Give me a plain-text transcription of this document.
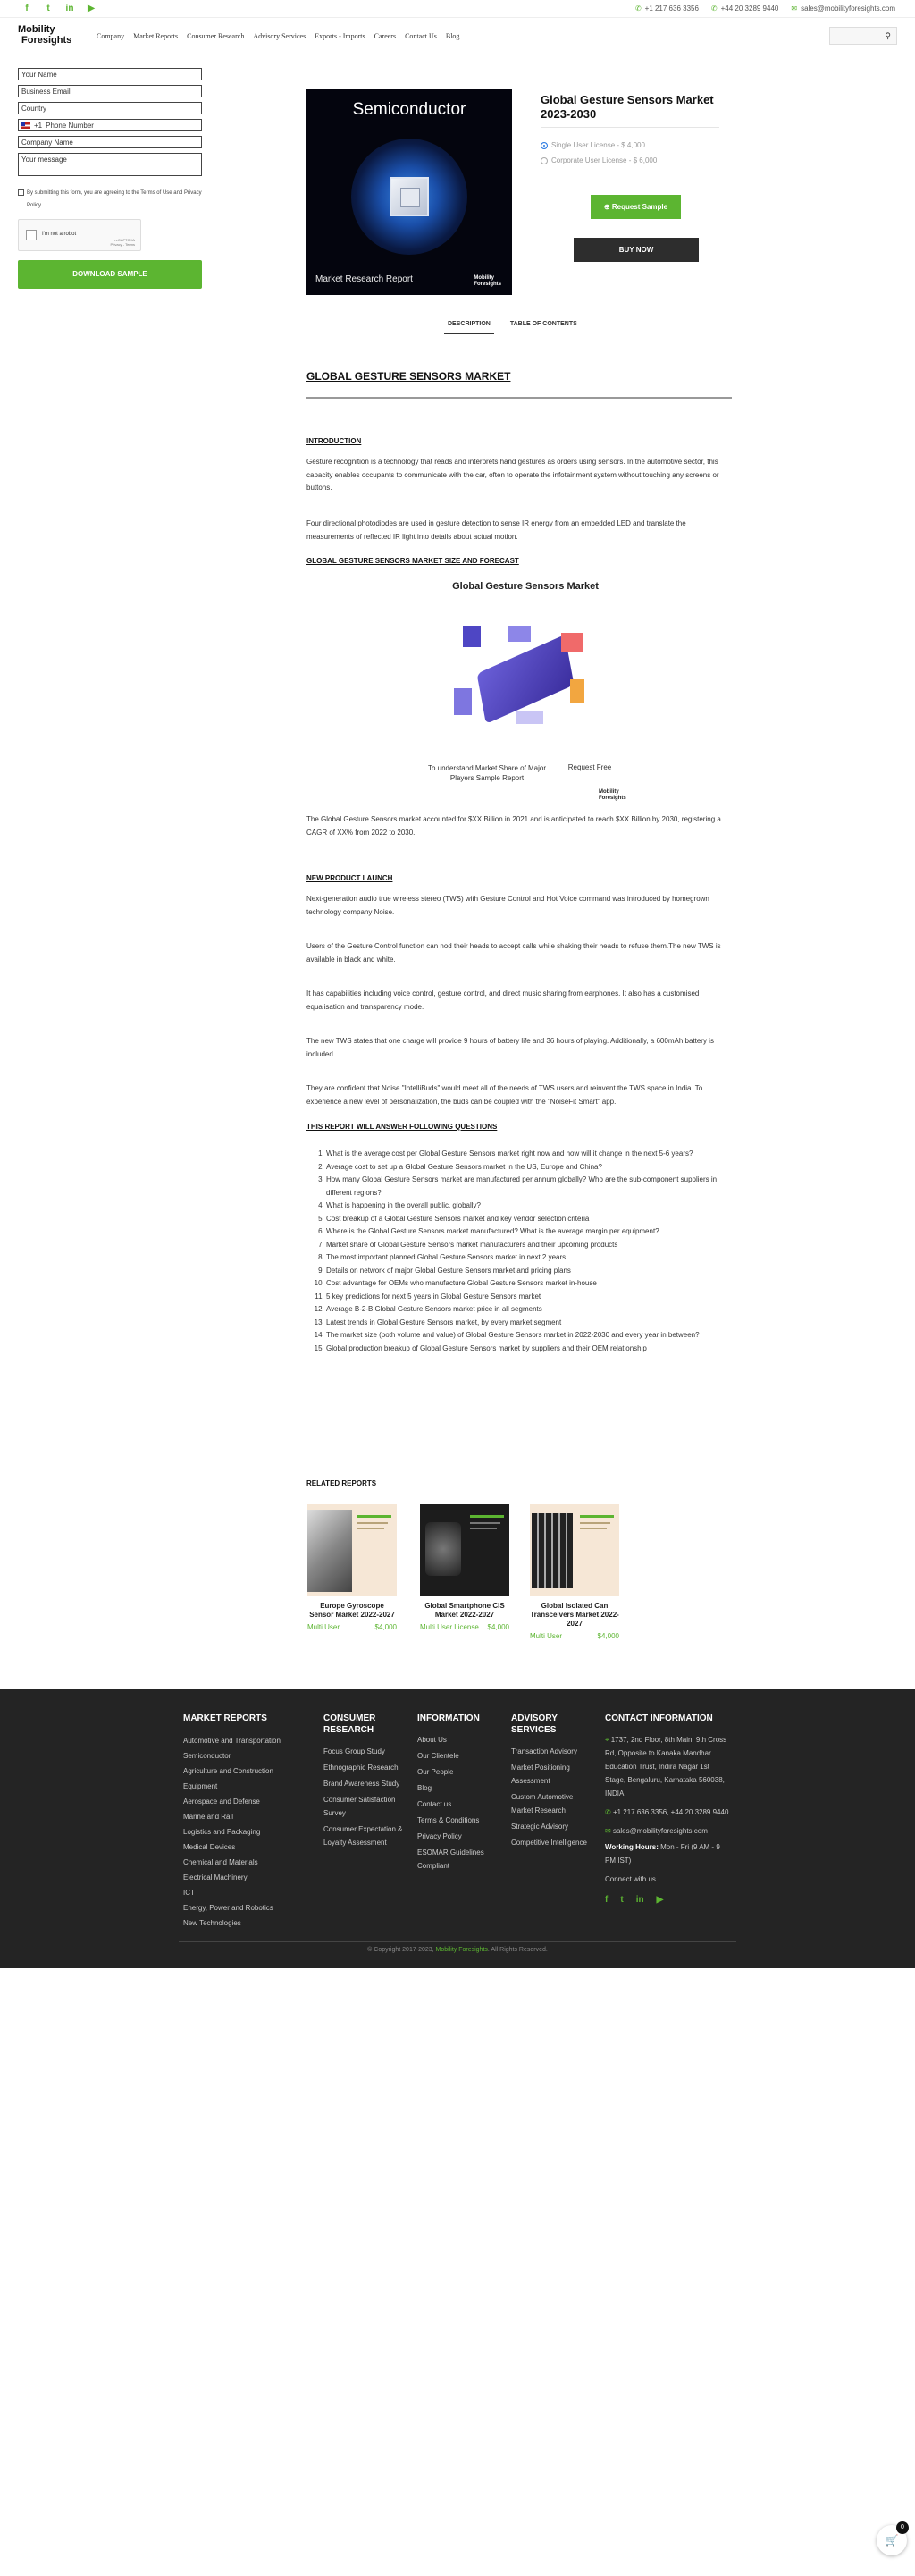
f	t	in ▶	✆ +1 217 636 3356 ✆ +44 20 3289 9440 ✉ sales@mobilityforesights.com
Mobility
Foresights	Company Market Reports Consumer Research Advisory Services Exports - Imports Careers Contact Us Blog	⚲
Your Name
Business Email
Country
+1 Phone Number
Company Name
Your message
By submitting this form, you are agreeing to the Terms of Use and Privacy Policy
I'm not a robot
reCAPTCHA
Privacy - Terms
DOWNLOAD SAMPLE
Semiconductor
Market Research Report	Mobility
Foresights
Global Gesture Sensors Market 2023-2030
Single User License - $ 4,000
Corporate User License - $ 6,000
⊕ Request Sample
BUY NOW
DESCRIPTION	TABLE OF CONTENTS
GLOBAL GESTURE SENSORS MARKET
INTRODUCTION
Gesture recognition is a technology that reads and interprets hand gestures as orders using sensors. In the automotive sector, this capacity enables occupants to communicate with the car, often to operate the infotainment system without touching any screens or buttons.
Four directional photodiodes are used in gesture detection to sense IR energy from an embedded LED and translate the measurements of reflected IR light into details about actual motion.
GLOBAL GESTURE SENSORS MARKET SIZE AND FORECAST
Global Gesture Sensors Market
To understand Market Share of Major Players Sample Report
Request Free
Mobility
Foresights
The Global Gesture Sensors market accounted for $XX Billion in 2021 and is anticipated to reach $XX Billion by 2030, registering a CAGR of XX% from 2022 to 2030.
NEW PRODUCT LAUNCH
Next-generation audio true wireless stereo (TWS) with Gesture Control and Hot Voice command was introduced by homegrown technology company Noise.
Users of the Gesture Control function can nod their heads to accept calls while shaking their heads to refuse them.The new TWS is available in black and white.
It has capabilities including voice control, gesture control, and direct music sharing from earphones. It also has a customised equalisation and transparency mode.
The new TWS states that one charge will provide 9 hours of battery life and 36 hours of playing. Additionally, a 600mAh battery is included.
They are confident that Noise "IntelliBuds" would meet all of the needs of TWS users and reinvent the TWS space in India. To experience a new level of personalization, the buds can be coupled with the "NoiseFit Smart" app.
THIS REPORT WILL ANSWER FOLLOWING QUESTIONS
1. What is the average cost per Global Gesture Sensors market right now and how will it change in the next 5-6 years?
2. Average cost to set up a Global Gesture Sensors market in the US, Europe and China?
3. How many Global Gesture Sensors market are manufactured per annum globally? Who are the sub-component suppliers in different regions?
4. What is happening in the overall public, globally?
5. Cost breakup of a Global Gesture Sensors market and key vendor selection criteria
6. Where is the Global Gesture Sensors market manufactured? What is the average margin per equipment?
7. Market share of Global Gesture Sensors market manufacturers and their upcoming products
8. The most important planned Global Gesture Sensors market in next 2 years
9. Details on network of major Global Gesture Sensors market and pricing plans
10. Cost advantage for OEMs who manufacture Global Gesture Sensors market in-house
11. 5 key predictions for next 5 years in Global Gesture Sensors market
12. Average B-2-B Global Gesture Sensors market price in all segments
13. Latest trends in Global Gesture Sensors market, by every market segment
14. The market size (both volume and value) of Global Gesture Sensors market in 2022-2030 and every year in between?
15. Global production breakup of Global Gesture Sensors market by suppliers and their OEM relationship
RELATED REPORTS
Europe Gyroscope Sensor Market 2022-2027
Multi User	$4,000
Global Smartphone CIS Market 2022-2027
Multi User License $4,000
Global Isolated Can Transceivers Market 2022-2027
Multi User	$4,000
MARKET REPORTS
Automotive and Transportation
Semiconductor
Agriculture and Construction Equipment
Aerospace and Defense
Marine and Rail
Logistics and Packaging
Medical Devices
Chemical and Materials
Electrical Machinery
ICT
Energy, Power and Robotics
New Technologies
CONSUMER RESEARCH
Focus Group Study
Ethnographic Research
Brand Awareness Study
Consumer Satisfaction Survey
Consumer Expectation & Loyalty Assessment
INFORMATION
About Us
Our Clientele
Our People
Blog
Contact us
Terms & Conditions
Privacy Policy
ESOMAR Guidelines Compliant
ADVISORY SERVICES
Transaction Advisory
Market Positioning Assessment
Custom Automotive Market Research
Strategic Advisory
Competitive Intelligence
CONTACT INFORMATION
⌖ 1737, 2nd Floor, 8th Main, 9th Cross Rd, Opposite to Kanaka Mandhar Education Trust, Indira Nagar 1st Stage, Bengaluru, Karnataka 560038, INDIA
✆ +1 217 636 3356, +44 20 3289 9440
✉ sales@mobilityforesights.com
Working Hours: Mon - Fri (9 AM - 9 PM IST)
Connect with us
f t in ▶
© Copyright 2017-2023, Mobility Foresights. All Rights Reserved.
🛒
0
